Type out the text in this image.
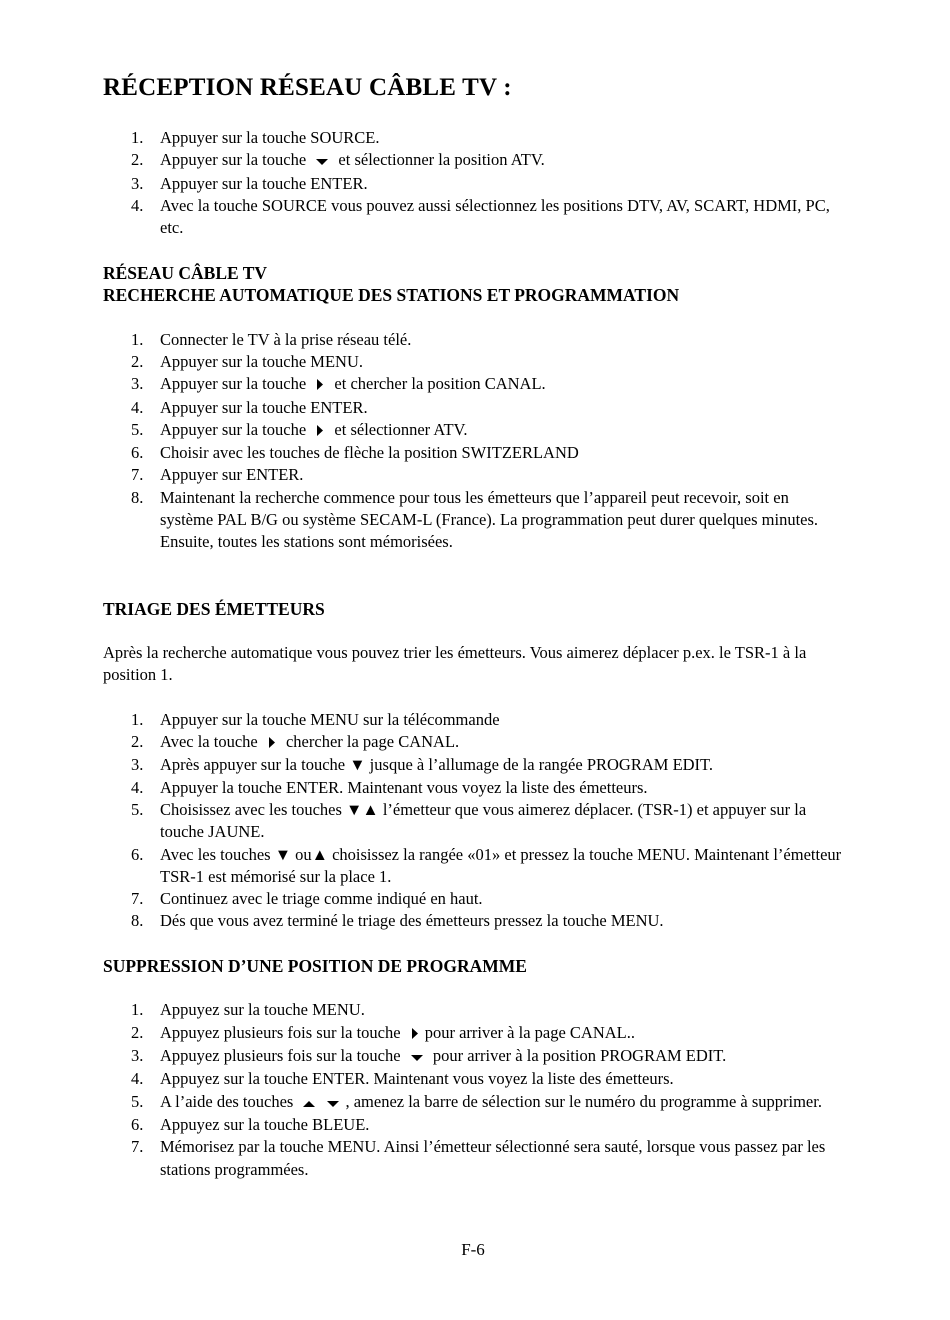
RÉCEPTION RÉSEAU CÂBLE TV :
1. Appuyer sur la touche SOURCE.
2. Appuyer sur la touche  et sélectionner la position ATV.
3. Appuyer sur la touche ENTER.
4. Avec la touche SOURCE vous pouvez aussi sélectionnez les positions DTV, AV, SCART, HDMI, PC, etc.
RÉSEAU CÂBLE TV
RECHERCHE AUTOMATIQUE DES STATIONS ET PROGRAMMATION
1. Connecter le TV à la prise réseau télé.
2. Appuyer sur la touche MENU.
3. Appuyer sur la touche  et chercher la position CANAL.
4. Appuyer sur la touche ENTER.
5. Appuyer sur la touche  et sélectionner ATV.
6. Choisir avec les touches de flèche la position SWITZERLAND
7. Appuyer sur ENTER.
8. Maintenant la recherche commence pour tous les émetteurs que l’appareil peut recevoir, soit en système PAL B/G ou système SECAM-L (France). La programmation peut durer quelques minutes. Ensuite, toutes les stations sont mémorisées.
TRIAGE DES ÉMETTEURS

Après la recherche automatique vous pouvez trier les émetteurs. Vous aimerez déplacer p.ex. le TSR-1 à la position 1.

1. Appuyer sur la touche MENU sur la télécommande
2. Avec la touche  chercher la page CANAL.
3. Après appuyer sur la touche ▼ jusque à l’allumage de la rangée PROGRAM EDIT.
4. Appuyer la touche ENTER. Maintenant vous voyez la liste des émetteurs.
5. Choisissez avec les touches ▼▲ l’émetteur que vous aimerez déplacer. (TSR-1) et appuyer sur la touche JAUNE.
6. Avec les touches ▼ ou▲ choisissez la rangée «01» et pressez la touche MENU. Maintenant l’émetteur TSR-1 est mémorisé sur la place 1.
7. Continuez avec le triage comme indiqué en haut.
8. Dés que vous avez terminé le triage des émetteurs pressez la touche MENU.
SUPPRESSION D’UNE POSITION DE PROGRAMME
1. Appuyez sur la touche MENU.
2. Appuyez plusieurs fois sur la touche pour arriver à la page CANAL..
3. Appuyez plusieurs fois sur la touche  pour arriver à la position PROGRAM EDIT.
4. Appuyez sur la touche ENTER. Maintenant vous voyez la liste des émetteurs.
5. A l’aide des touches	, amenez la barre de sélection sur le numéro du programme à supprimer.
6. Appuyez sur la touche BLEUE.
7. Mémorisez par la touche MENU. Ainsi l’émetteur sélectionné sera sauté, lorsque vous passez par les stations programmées.
F-6
